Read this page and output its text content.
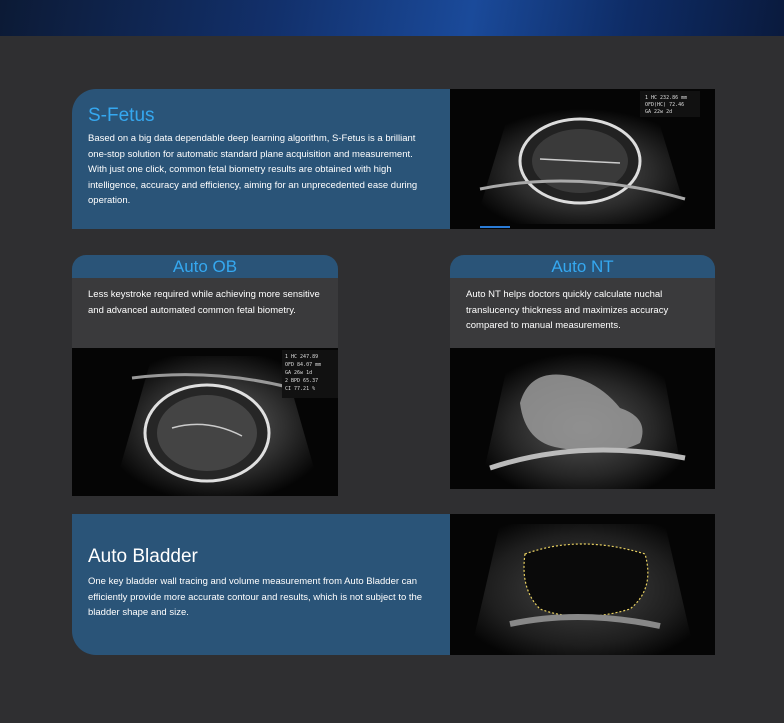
S-Fetus

Based on a big data dependable deep learning algorithm, S-Fetus is a brilliant one-stop solution for automatic standard plane acquisition and measurement. With just one click, common fetal biometry results are obtained with high intelligence, accuracy and efficiency, aiming for an unprecedented ease during operation.

1 HC 232.86 mm
OFD(HC) 72.46
GA 22w 2d
Auto OB
Less keystroke required while achieving more sensitive and advanced automated common fetal biometry.
1 HC 247.89
OFD 84.07 mm
GA 26w 1d
2 BPD 65.37
CI 77.21 %
Auto NT
Auto NT helps doctors quickly calculate nuchal translucency thickness and maximizes accuracy compared to manual measurements.

Auto Bladder

One key bladder wall tracing and volume measurement from Auto Bladder can efficiently provide more accurate contour and results, which is not subject to the bladder shape and size.
